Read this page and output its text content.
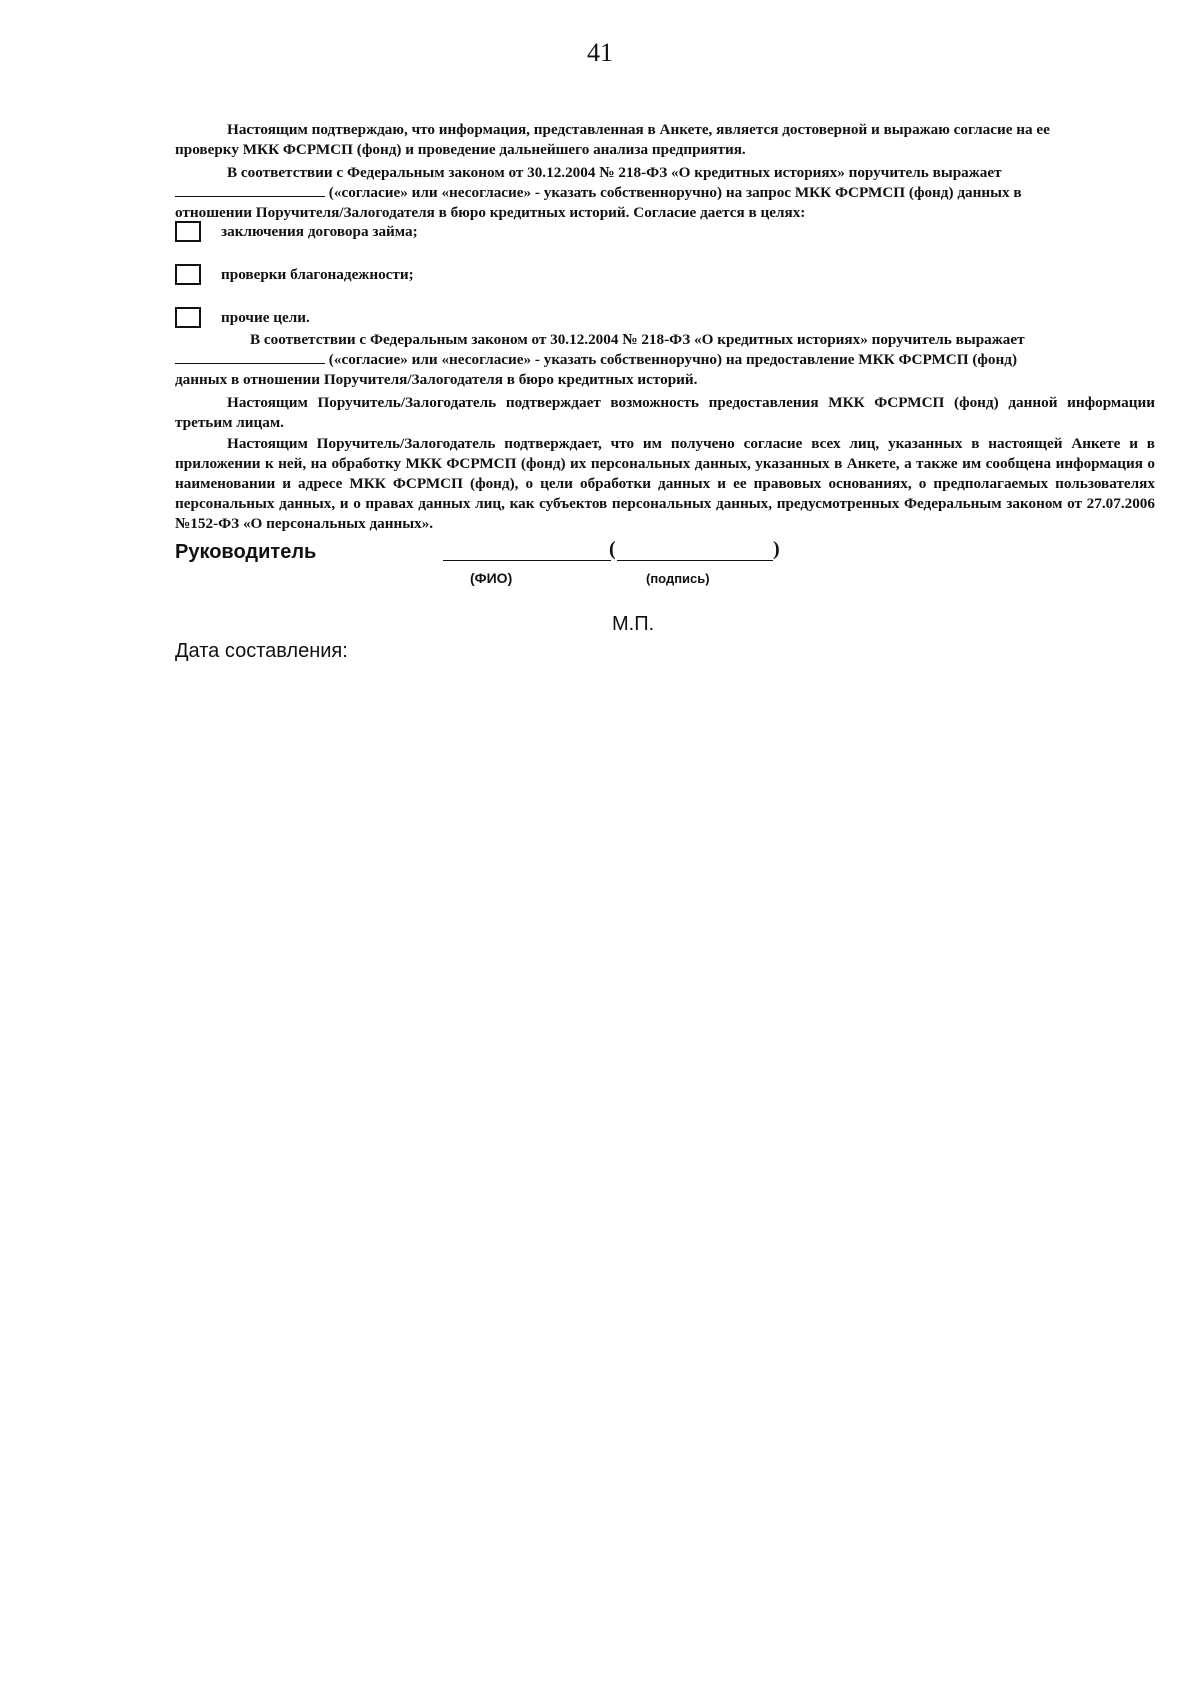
41

Настоящим подтверждаю, что информация, представленная в Анкете, является достоверной и выражаю согласие на ее

проверку МКК ФСРМСП (фонд) и проведение дальнейшего анализа предприятия.
В соответствии с Федеральным законом от 30.12.2004 № 218-ФЗ «О кредитных историях» поручитель выражает
(«согласие» или «несогласие» - указать собственноручно) на запрос МКК ФСРМСП (фонд) данных в
отношении Поручителя/Залогодателя в бюро кредитных историй. Согласие дается в целях:
заключения договора займа;
проверки благонадежности;
прочие цели.
В соответствии с Федеральным законом от 30.12.2004 № 218-ФЗ «О кредитных историях» поручитель выражает
(«согласие» или «несогласие» - указать собственноручно) на предоставление МКК ФСРМСП (фонд)
данных в отношении Поручителя/Залогодателя в бюро кредитных историй.

Настоящим Поручитель/Залогодатель подтверждает возможность предоставления МКК ФСРМСП (фонд) данной информации третьим лицам.

Настоящим Поручитель/Залогодатель подтверждает, что им получено согласие всех лиц, указанных в настоящей Анкете и в приложении к ней, на обработку МКК ФСРМСП (фонд) их персональных данных, указанных в Анкете, а также им сообщена информация о наименовании и адресе МКК ФСРМСП (фонд), о цели обработки данных и ее правовых основаниях, о предполагаемых пользователях персональных данных, и о правах данных лиц, как субъектов персональных данных, предусмотренных Федеральным законом от 27.07.2006 №152-ФЗ «О персональных данных».

Руководитель	(	)
(ФИО)	(подпись)
М.П.
Дата составления:
